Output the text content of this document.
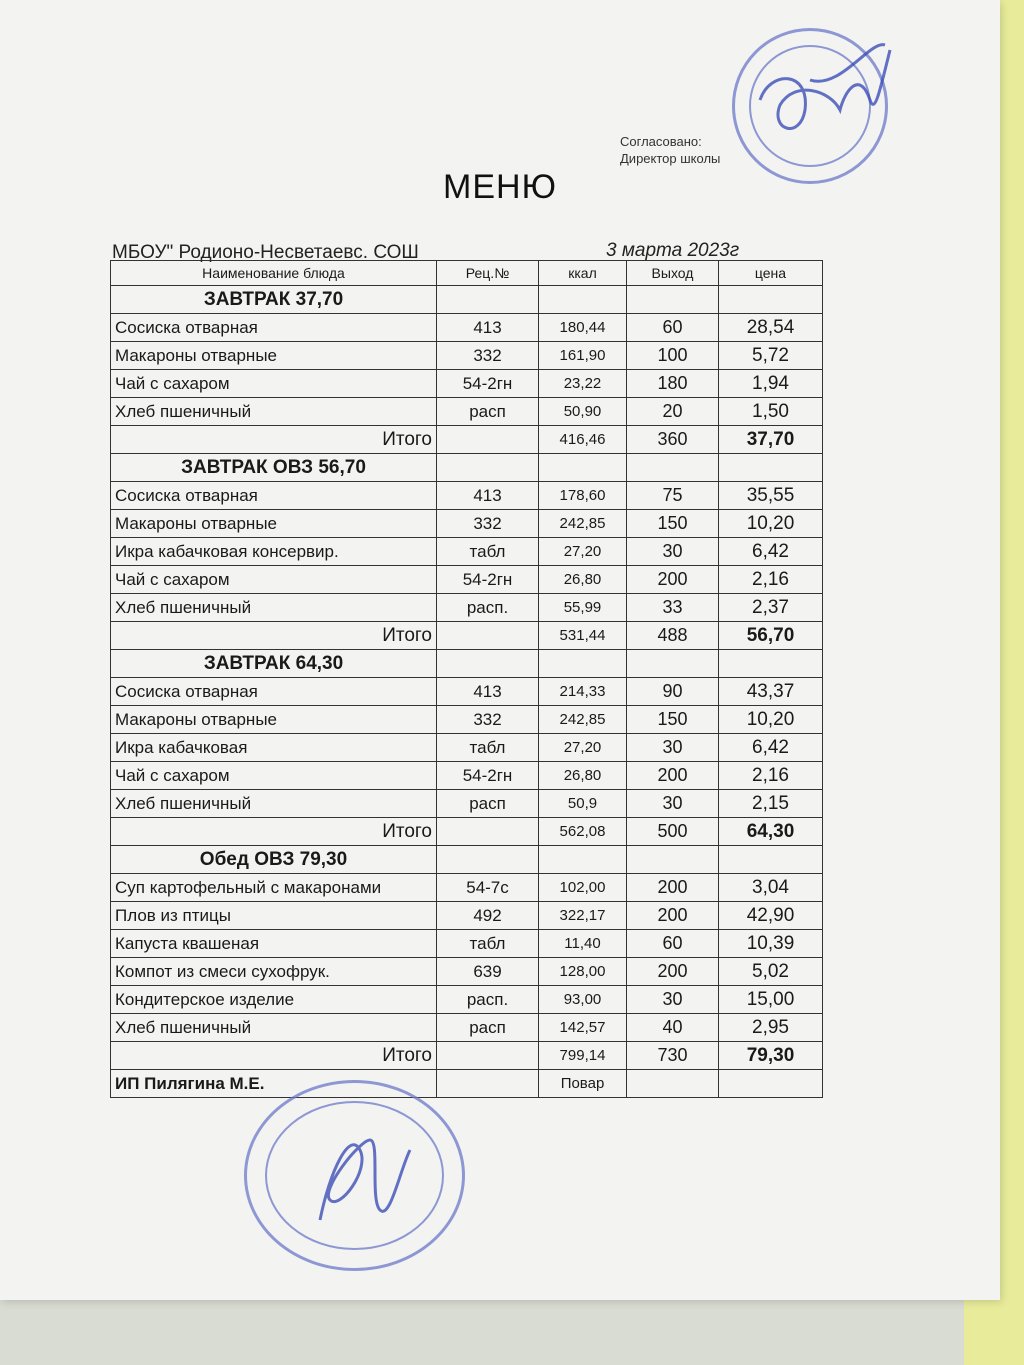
Согласовано:
Директор школы
МЕНЮ
МБОУ" Родионо-Несветаевс. СОШ	3 марта 2023г
Наименование блюда	Рец.№	ккал	Выход	цена
ЗАВТРАК 37,70				
Сосиска отварная	413	180,44	60	28,54
Макароны отварные	332	161,90	100	5,72
Чай с сахаром	54-2гн	23,22	180	1,94
Хлеб пшеничный	расп	50,90	20	1,50
Итого		416,46	360	37,70
ЗАВТРАК ОВЗ 56,70				
Сосиска отварная	413	178,60	75	35,55
Макароны отварные	332	242,85	150	10,20
Икра кабачковая консервир.	табл	27,20	30	6,42
Чай с сахаром	54-2гн	26,80	200	2,16
Хлеб пшеничный	расп.	55,99	33	2,37
Итого		531,44	488	56,70
ЗАВТРАК 64,30				
Сосиска отварная	413	214,33	90	43,37
Макароны отварные	332	242,85	150	10,20
Икра кабачковая	табл	27,20	30	6,42
Чай с сахаром	54-2гн	26,80	200	2,16
Хлеб пшеничный	расп	50,9	30	2,15
Итого		562,08	500	64,30
Обед ОВЗ 79,30				
Суп картофельный с макаронами	54-7с	102,00	200	3,04
Плов из птицы	492	322,17	200	42,90
Капуста квашеная	табл	11,40	60	10,39
Компот из смеси сухофрук.	639	128,00	200	5,02
Кондитерское изделие	расп.	93,00	30	15,00
Хлеб пшеничный	расп	142,57	40	2,95
Итого		799,14	730	79,30
ИП Пилягина М.Е.		Повар		
